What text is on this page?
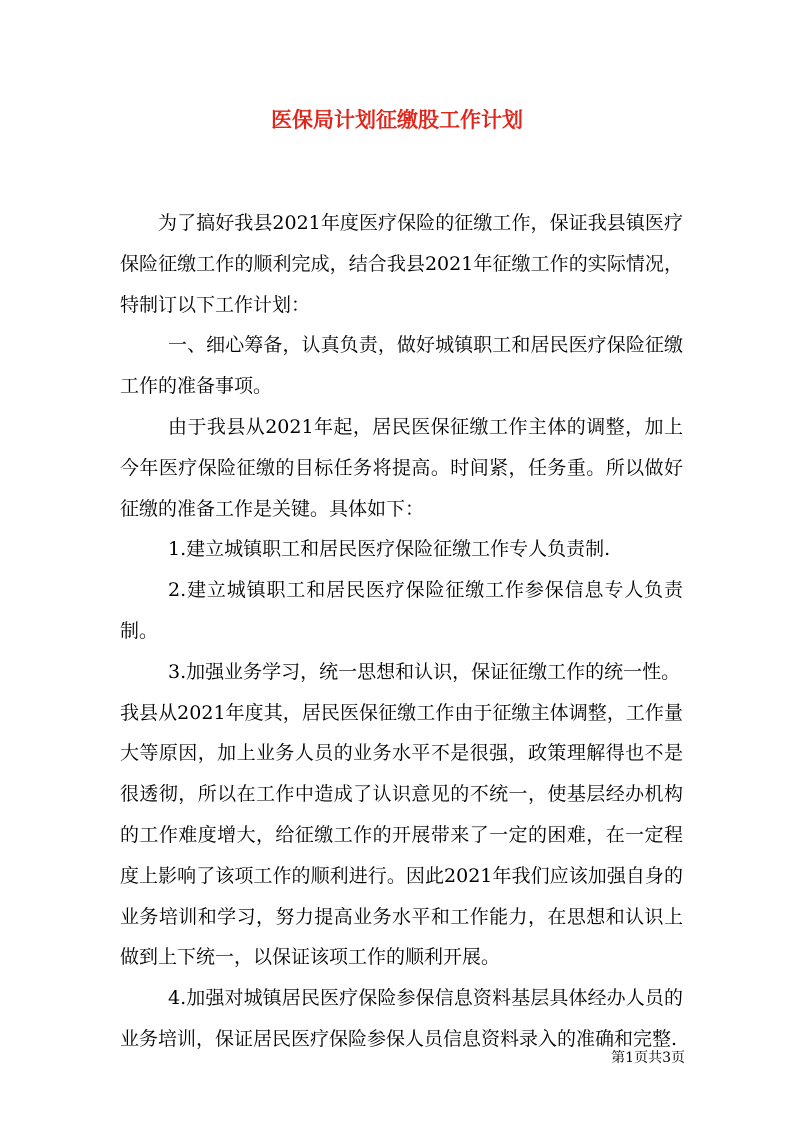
医保局计划征缴股工作计划

为了搞好我县2021年度医疗保险的征缴工作，保证我县镇医疗保险征缴工作的顺利完成，结合我县2021年征缴工作的实际情况，特制订以下工作计划：

一、细心筹备，认真负责，做好城镇职工和居民医疗保险征缴工作的准备事项。

由于我县从2021年起，居民医保征缴工作主体的调整，加上今年医疗保险征缴的目标任务将提高。时间紧，任务重。所以做好征缴的准备工作是关键。具体如下：

1.建立城镇职工和居民医疗保险征缴工作专人负责制.

2.建立城镇职工和居民医疗保险征缴工作参保信息专人负责制。

3.加强业务学习，统一思想和认识，保证征缴工作的统一性。

我县从2021年度其，居民医保征缴工作由于征缴主体调整，工作量大等原因，加上业务人员的业务水平不是很强，政策理解得也不是很透彻，所以在工作中造成了认识意见的不统一，使基层经办机构的工作难度增大，给征缴工作的开展带来了一定的困难，在一定程度上影响了该项工作的顺利进行。因此2021年我们应该加强自身的业务培训和学习，努力提高业务水平和工作能力，在思想和认识上做到上下统一，以保证该项工作的顺利开展。

4.加强对城镇居民医疗保险参保信息资料基层具体经办人员的业务培训，保证居民医疗保险参保人员信息资料录入的准确和完整.

第1页共3页
